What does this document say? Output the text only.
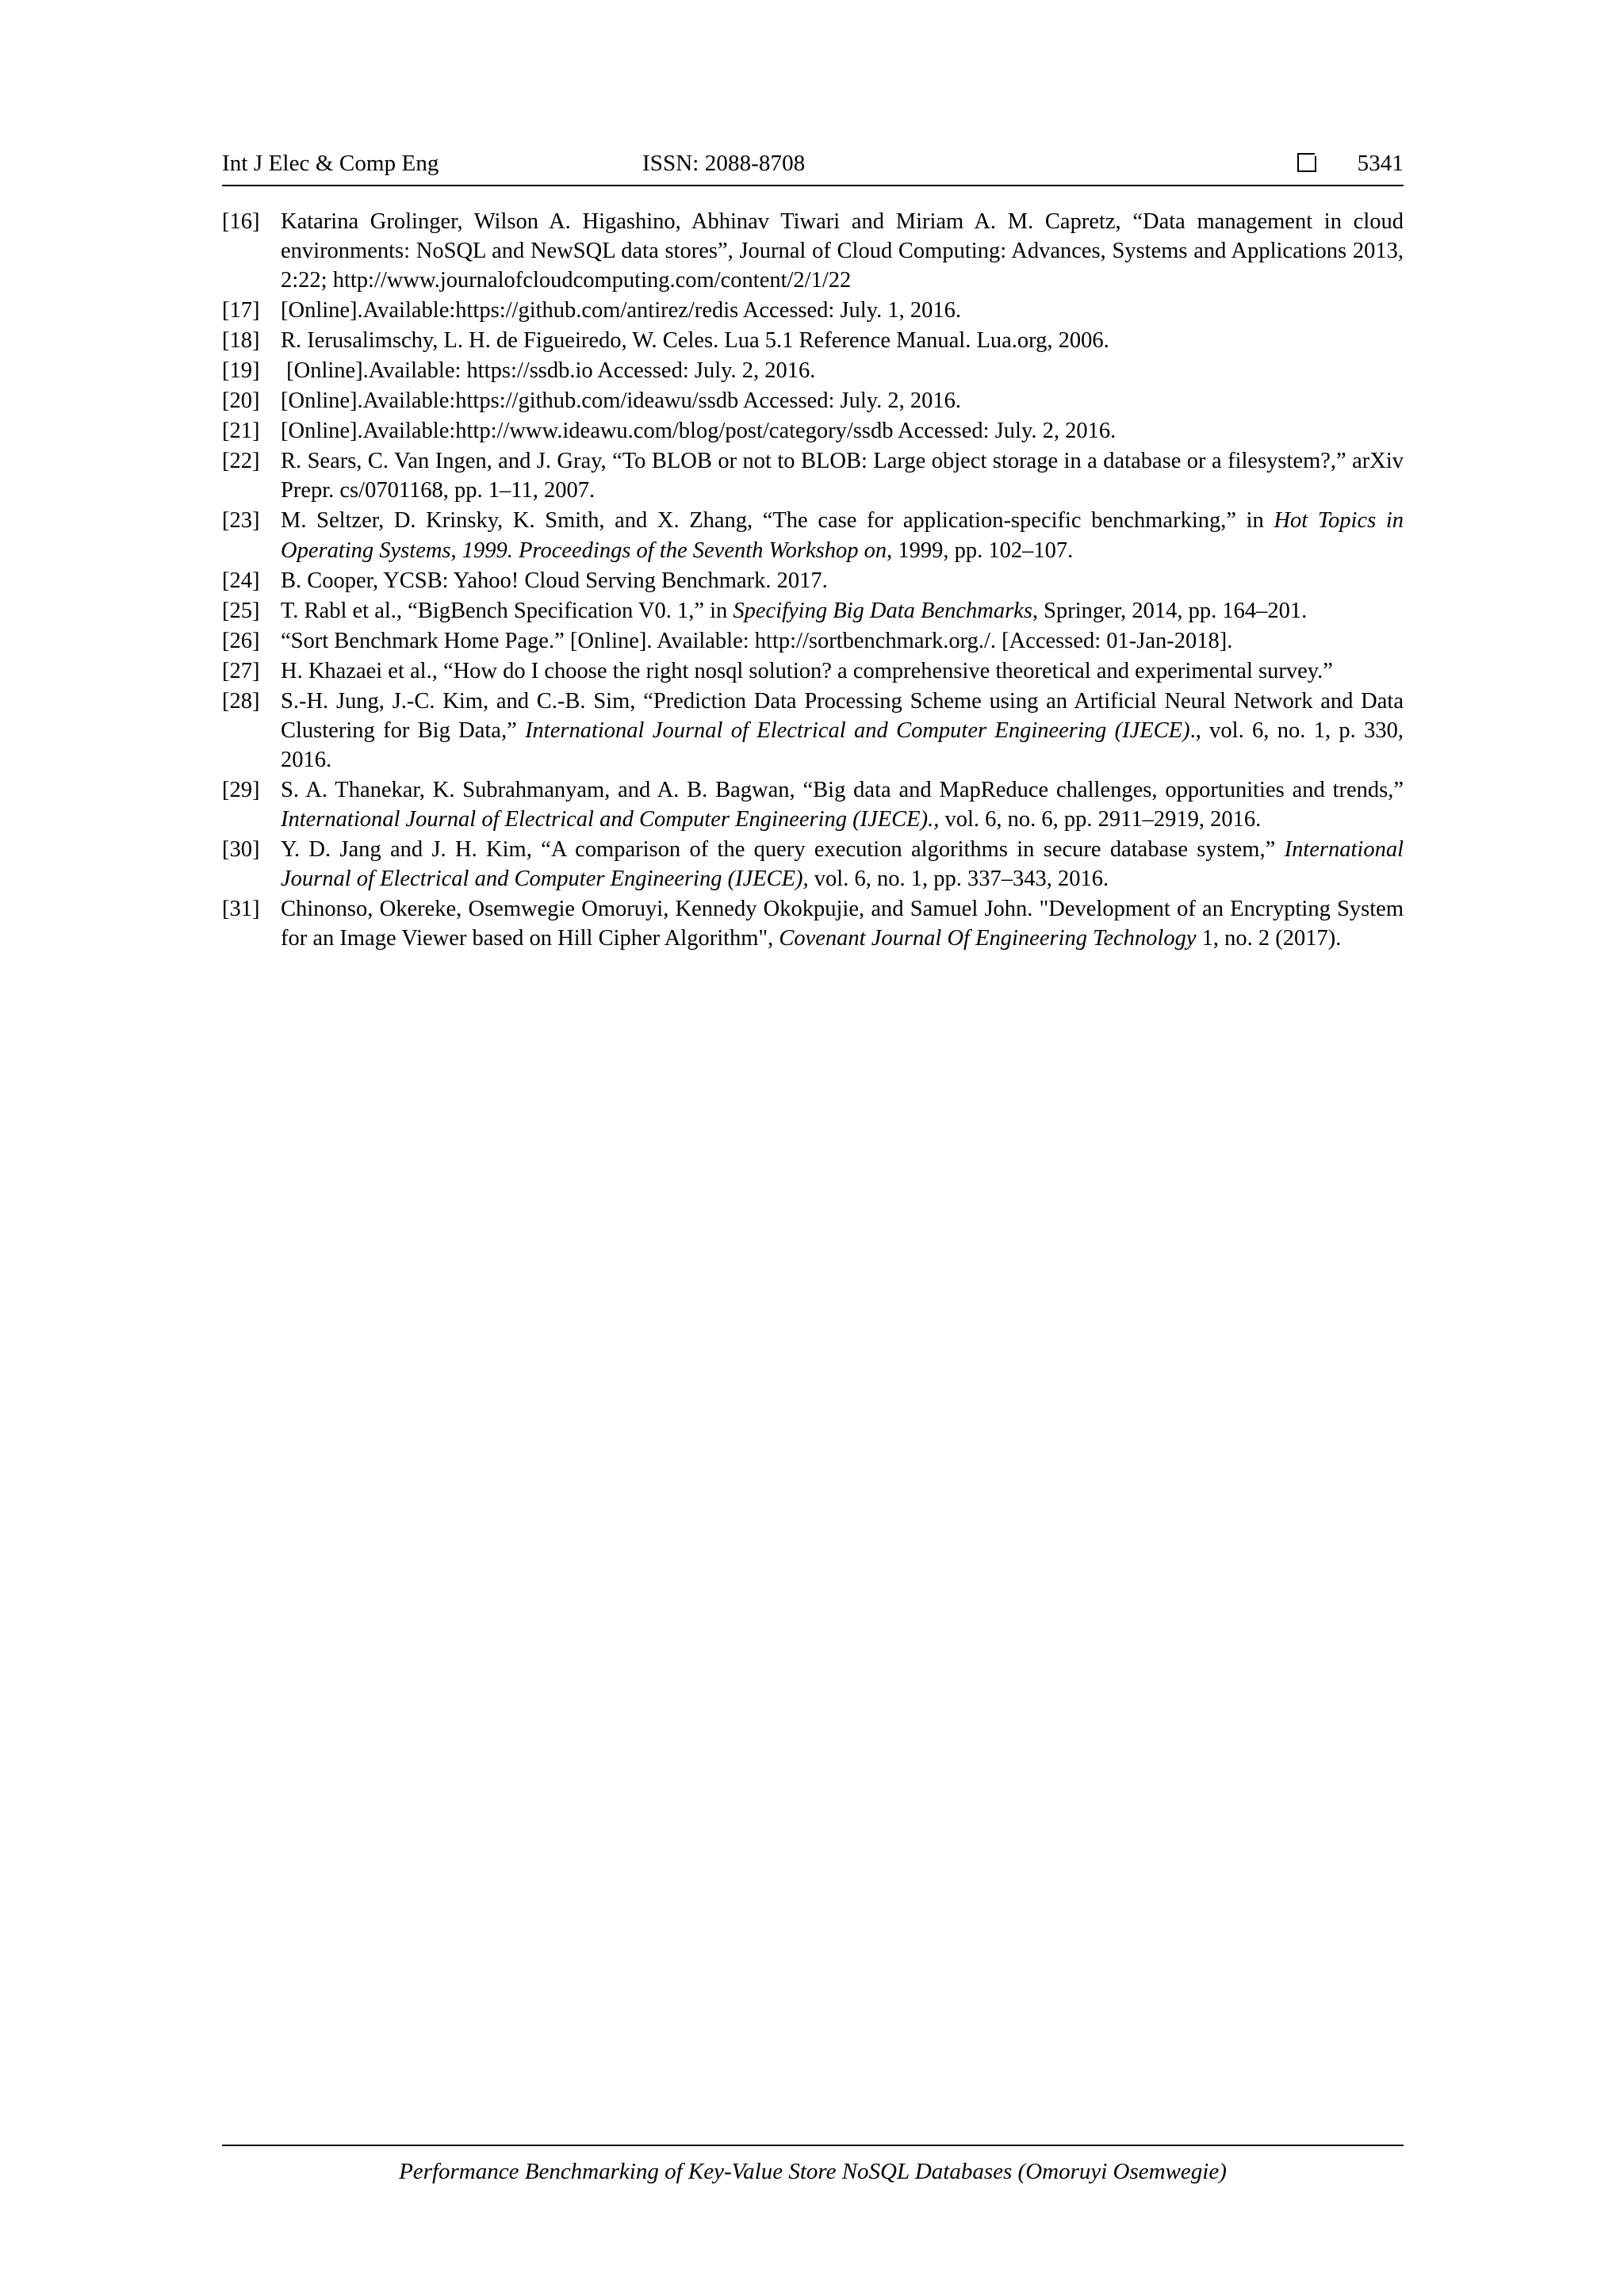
Int J Elec & Comp Eng	ISSN: 2088-8708	5341
[16] Katarina Grolinger, Wilson A. Higashino, Abhinav Tiwari and Miriam A. M. Capretz, “Data management in cloud environments: NoSQL and NewSQL data stores”, Journal of Cloud Computing: Advances, Systems and Applications 2013, 2:22; http://www.journalofcloudcomputing.com/content/2/1/22
[17] [Online].Available:https://github.com/antirez/redis Accessed: July. 1, 2016.
[18] R. Ierusalimschy, L. H. de Figueiredo, W. Celes. Lua 5.1 Reference Manual. Lua.org, 2006.
[19] [Online].Available: https://ssdb.io Accessed: July. 2, 2016.
[20] [Online].Available:https://github.com/ideawu/ssdb Accessed: July. 2, 2016.
[21] [Online].Available:http://www.ideawu.com/blog/post/category/ssdb Accessed: July. 2, 2016.
[22] R. Sears, C. Van Ingen, and J. Gray, “To BLOB or not to BLOB: Large object storage in a database or a filesystem?,” arXiv Prepr. cs/0701168, pp. 1–11, 2007.
[23] M. Seltzer, D. Krinsky, K. Smith, and X. Zhang, “The case for application-specific benchmarking,” in Hot Topics in Operating Systems, 1999. Proceedings of the Seventh Workshop on, 1999, pp. 102–107.
[24] B. Cooper, YCSB: Yahoo! Cloud Serving Benchmark. 2017.
[25] T. Rabl et al., “BigBench Specification V0. 1,” in Specifying Big Data Benchmarks, Springer, 2014, pp. 164–201.
[26] “Sort Benchmark Home Page.” [Online]. Available: http://sortbenchmark.org./. [Accessed: 01-Jan-2018].
[27] H. Khazaei et al., “How do I choose the right nosql solution? a comprehensive theoretical and experimental survey.”
[28] S.-H. Jung, J.-C. Kim, and C.-B. Sim, “Prediction Data Processing Scheme using an Artificial Neural Network and Data Clustering for Big Data,” International Journal of Electrical and Computer Engineering (IJECE)., vol. 6, no. 1, p. 330, 2016.
[29] S. A. Thanekar, K. Subrahmanyam, and A. B. Bagwan, “Big data and MapReduce challenges, opportunities and trends,” International Journal of Electrical and Computer Engineering (IJECE)., vol. 6, no. 6, pp. 2911–2919, 2016.
[30] Y. D. Jang and J. H. Kim, “A comparison of the query execution algorithms in secure database system,” International Journal of Electrical and Computer Engineering (IJECE), vol. 6, no. 1, pp. 337–343, 2016.
[31] Chinonso, Okereke, Osemwegie Omoruyi, Kennedy Okokpujie, and Samuel John. "Development of an Encrypting System for an Image Viewer based on Hill Cipher Algorithm", Covenant Journal Of Engineering Technology 1, no. 2 (2017).
Performance Benchmarking of Key-Value Store NoSQL Databases (Omoruyi Osemwegie)
